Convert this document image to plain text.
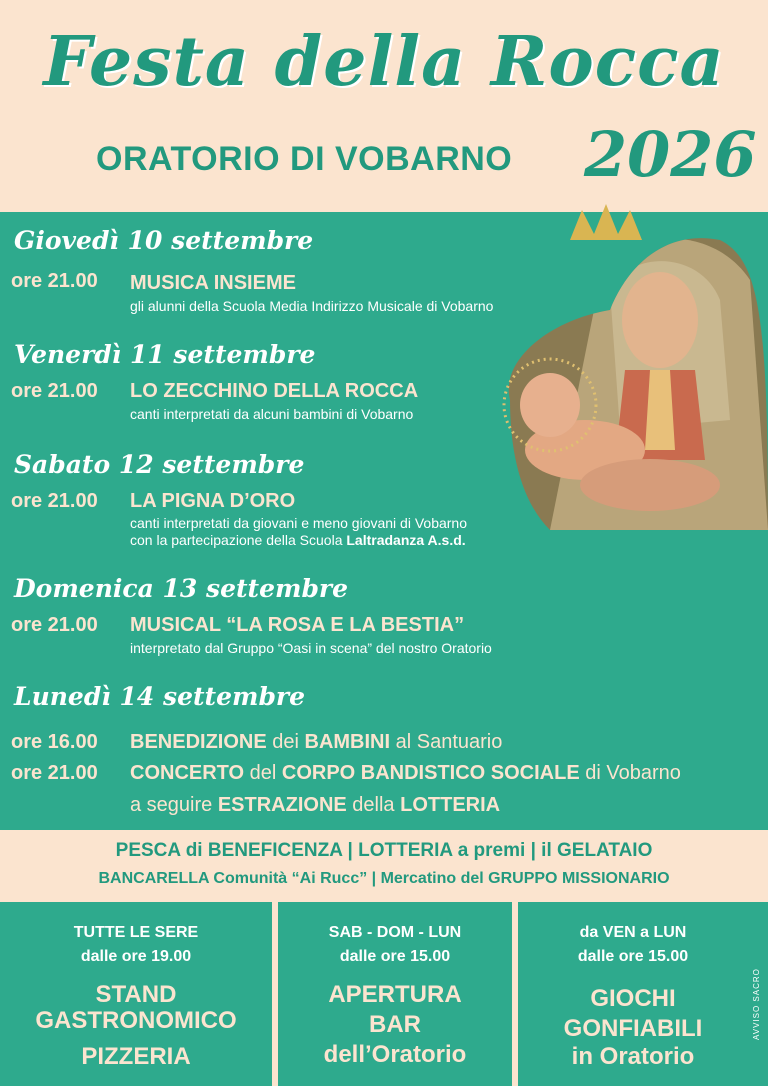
Festa della Rocca
ORATORIO DI VOBARNO 2026
Giovedì 10 settembre
ore 21.00 MUSICA INSIEME
gli alunni della Scuola Media Indirizzo Musicale di Vobarno
Venerdì 11 settembre
ore 21.00 LO ZECCHINO DELLA ROCCA
canti interpretati da alcuni bambini di Vobarno
Sabato 12 settembre
ore 21.00 LA PIGNA D’ORO
canti interpretati da giovani e meno giovani di Vobarno
con la partecipazione della Scuola Laltradanza A.s.d.
Domenica 13 settembre
ore 21.00 MUSICAL “LA ROSA E LA BESTIA”
interpretato dal Gruppo “Oasi in scena” del nostro Oratorio
Lunedì 14 settembre
ore 16.00 BENEDIZIONE dei BAMBINI al Santuario
ore 21.00 CONCERTO del CORPO BANDISTICO SOCIALE di Vobarno
a seguire ESTRAZIONE della LOTTERIA
PESCA di BENEFICENZA | LOTTERIA a premi | il GELATAIO
BANCARELLA Comunità “Ai Rucc” | Mercatino del GRUPPO MISSIONARIO
TUTTE LE SERE
dalle ore 19.00
STAND
GASTRONOMICO
PIZZERIA
SAB - DOM - LUN
dalle ore 15.00
APERTURA
BAR
dell’Oratorio
da VEN a LUN
dalle ore 15.00
GIOCHI
GONFIABILI
in Oratorio
AVVISO SACRO
